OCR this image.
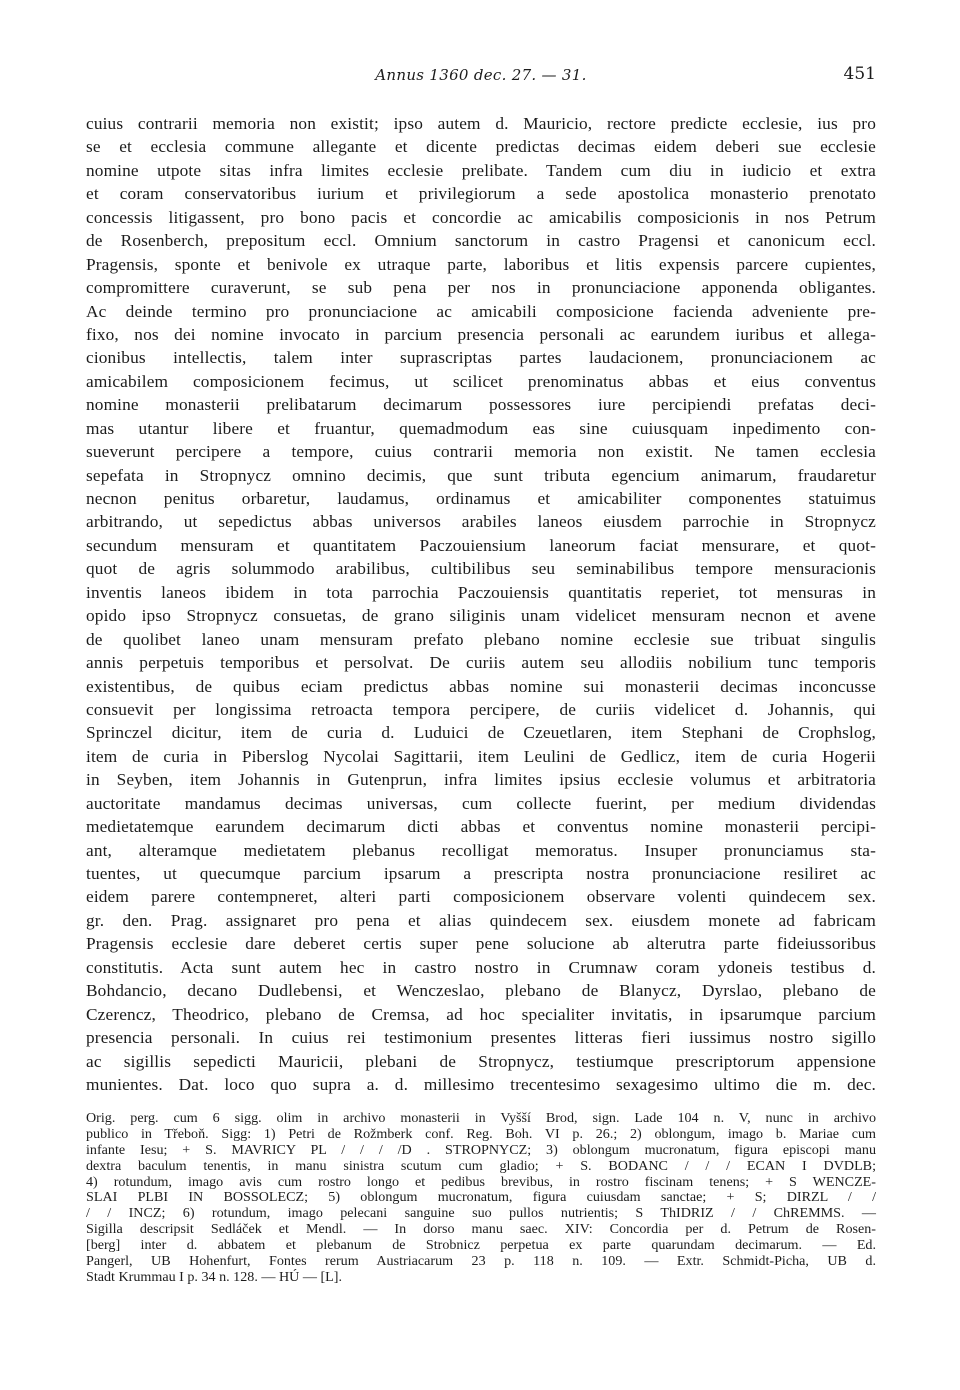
Annus 1360 dec. 27. — 31.	451
cuius contrarii memoria non existit; ipso autem d. Mauricio, rectore predicte ecclesie, ius pro
se et ecclesia commune allegante et dicente predictas decimas eidem deberi sue ecclesie
nomine utpote sitas infra limites ecclesie prelibate. Tandem cum diu in iudicio et extra
et coram conservatoribus iurium et privilegiorum a sede apostolica monasterio prenotato
concessis litigassent, pro bono pacis et concordie ac amicabilis composicionis in nos Petrum
de Rosenberch, prepositum eccl. Omnium sanctorum in castro Pragensi et canonicum eccl.
Pragensis, sponte et benivole ex utraque parte, laboribus et litis expensis parcere cupientes,
compromittere curaverunt, se sub pena per nos in pronunciacione apponenda obligantes.
Ac deinde termino pro pronunciacione ac amicabili composicione facienda adveniente pre-
fixo, nos dei nomine invocato in parcium presencia personali ac earundem iuribus et allega-
cionibus intellectis, talem inter suprascriptas partes laudacionem, pronunciacionem ac
amicabilem composicionem fecimus, ut scilicet prenominatus abbas et eius conventus
nomine monasterii prelibatarum decimarum possessores iure percipiendi prefatas deci-
mas utantur libere et fruantur, quemadmodum eas sine cuiusquam inpedimento con-
sueverunt percipere a tempore, cuius contrarii memoria non existit. Ne tamen ecclesia
sepefata in Stropnycz omnino decimis, que sunt tributa egencium animarum, fraudaretur
necnon penitus orbaretur, laudamus, ordinamus et amicabiliter componentes statuimus
arbitrando, ut sepedictus abbas universos arabiles laneos eiusdem parrochie in Stropnycz
secundum mensuram et quantitatem Paczouiensium laneorum faciat mensurare, et quot-
quot de agris solummodo arabilibus, cultibilibus seu seminabilibus tempore mensuracionis
inventis laneos ibidem in tota parrochia Paczouiensis quantitatis reperiet, tot mensuras in
opido ipso Stropnycz consuetas, de grano siliginis unam videlicet mensuram necnon et avene
de quolibet laneo unam mensuram prefato plebano nomine ecclesie sue tribuat singulis
annis perpetuis temporibus et persolvat. De curiis autem seu allodiis nobilium tunc temporis
existentibus, de quibus eciam predictus abbas nomine sui monasterii decimas inconcusse
consuevit per longissima retroacta tempora percipere, de curiis videlicet d. Johannis, qui
Sprinczel dicitur, item de curia d. Luduici de Czeuetlaren, item Stephani de Crophslog,
item de curia in Piberslog Nycolai Sagittarii, item Leulini de Gedlicz, item de curia Hogerii
in Seyben, item Johannis in Gutenprun, infra limites ipsius ecclesie volumus et arbitratoria
auctoritate mandamus decimas universas, cum collecte fuerint, per medium dividendas
medietatemque earundem decimarum dicti abbas et conventus nomine monasterii percipi-
ant, alteramque medietatem plebanus recolligat memoratus. Insuper pronunciamus sta-
tuentes, ut quecumque parcium ipsarum a prescripta nostra pronunciacione resiliret ac
eidem parere contempneret, alteri parti composicionem observare volenti quindecem sex.
gr. den. Prag. assignaret pro pena et alias quindecem sex. eiusdem monete ad fabricam
Pragensis ecclesie dare deberet certis super pene solucione ab alterutra parte fideiussoribus
constitutis. Acta sunt autem hec in castro nostro in Crumnaw coram ydoneis testibus d.
Bohdancio, decano Dudlebensi, et Wenczeslao, plebano de Blanycz, Dyrslao, plebano de
Czerencz, Theodrico, plebano de Cremsa, ad hoc specialiter invitatis, in ipsarumque parcium
presencia personali. In cuius rei testimonium presentes litteras fieri iussimus nostro sigillo
ac sigillis sepedicti Mauricii, plebani de Stropnycz, testiumque prescriptorum appensione
munientes. Dat. loco quo supra a. d. millesimo trecentesimo sexagesimo ultimo die m. dec.
Orig. perg. cum 6 sigg. olim in archivo monasterii in Vyšší Brod, sign. Lade 104 n. V, nunc in archivo
publico in Třeboň. Sigg: 1) Petri de Rožmberk conf. Reg. Boh. VI p. 26.; 2) oblongum, imago b. Mariae cum
infante Iesu; + S. MAVRICY PL / / / /D . STROPNYCZ; 3) oblongum mucronatum, figura episcopi manu
dextra baculum tenentis, in manu sinistra scutum cum gladio; + S. BODANC / / / ECAN I DVDLB;
4) rotundum, imago avis cum rostro longo et pedibus brevibus, in rostro fiscinam tenens; + S WENCZE-
SLAI PLBI IN BOSSOLECZ; 5) oblongum mucronatum, figura cuiusdam sanctae; + S; DIRZL / /
/ / INCZ; 6) rotundum, imago pelecani sanguine suo pullos nutrientis; S ThIDRIZ / / ChREMMS. —
Sigilla descripsit Sedláček et Mendl. — In dorso manu saec. XIV: Concordia per d. Petrum de Rosen-
[berg] inter d. abbatem et plebanum de Strobnicz perpetua ex parte quarundam decimarum. — Ed.
Pangerl, UB Hohenfurt, Fontes rerum Austriacarum 23 p. 118 n. 109. — Extr. Schmidt-Picha, UB d.
Stadt Krummau I p. 34 n. 128. — HÚ — [L].
